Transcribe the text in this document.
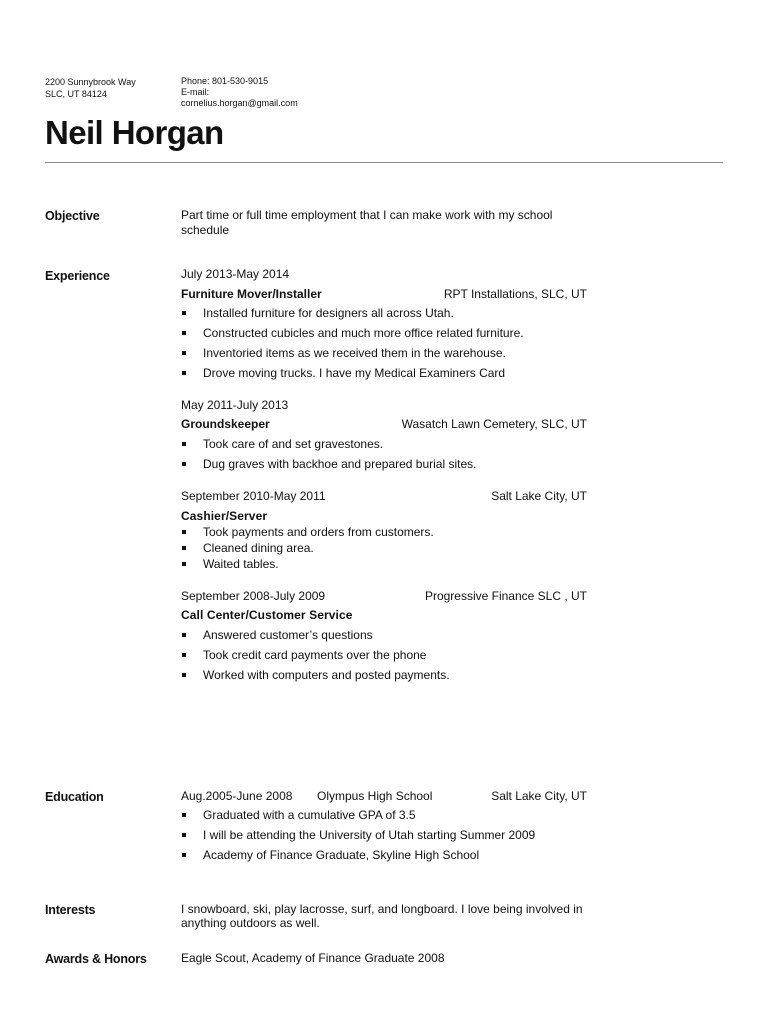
2200 Sunnybrook Way
SLC, UT 84124
Phone: 801-530-9015
E-mail:
cornelius.horgan@gmail.com
Neil Horgan
Objective	Part time or full time employment that I can make work with my school schedule
Experience	July 2013-May 2014
Furniture Mover/Installer	RPT Installations, SLC, UT
Installed furniture for designers all across Utah.
Constructed cubicles and much more office related furniture.
Inventoried items as we received them in the warehouse.
Drove moving trucks. I have my Medical Examiners Card
May 2011-July 2013
Groundskeeper	Wasatch Lawn Cemetery, SLC, UT
Took care of and set gravestones.
Dug graves with backhoe and prepared burial sites.
September 2010-May 2011	Salt Lake City, UT
Cashier/Server
Took payments and orders from customers.
Cleaned dining area.
Waited tables.
September 2008-July 2009	Progressive Finance SLC , UT
Call Center/Customer Service
Answered customer’s questions
Took credit card payments over the phone
Worked with computers and posted payments.
Education	Aug.2005-June 2008 Olympus High School	Salt Lake City, UT
Graduated with a cumulative GPA of 3.5
I will be attending the University of Utah starting Summer 2009
Academy of Finance Graduate, Skyline High School
Interests	I snowboard, ski, play lacrosse, surf, and longboard. I love being involved in anything outdoors as well.
Awards & Honors	Eagle Scout, Academy of Finance Graduate 2008
